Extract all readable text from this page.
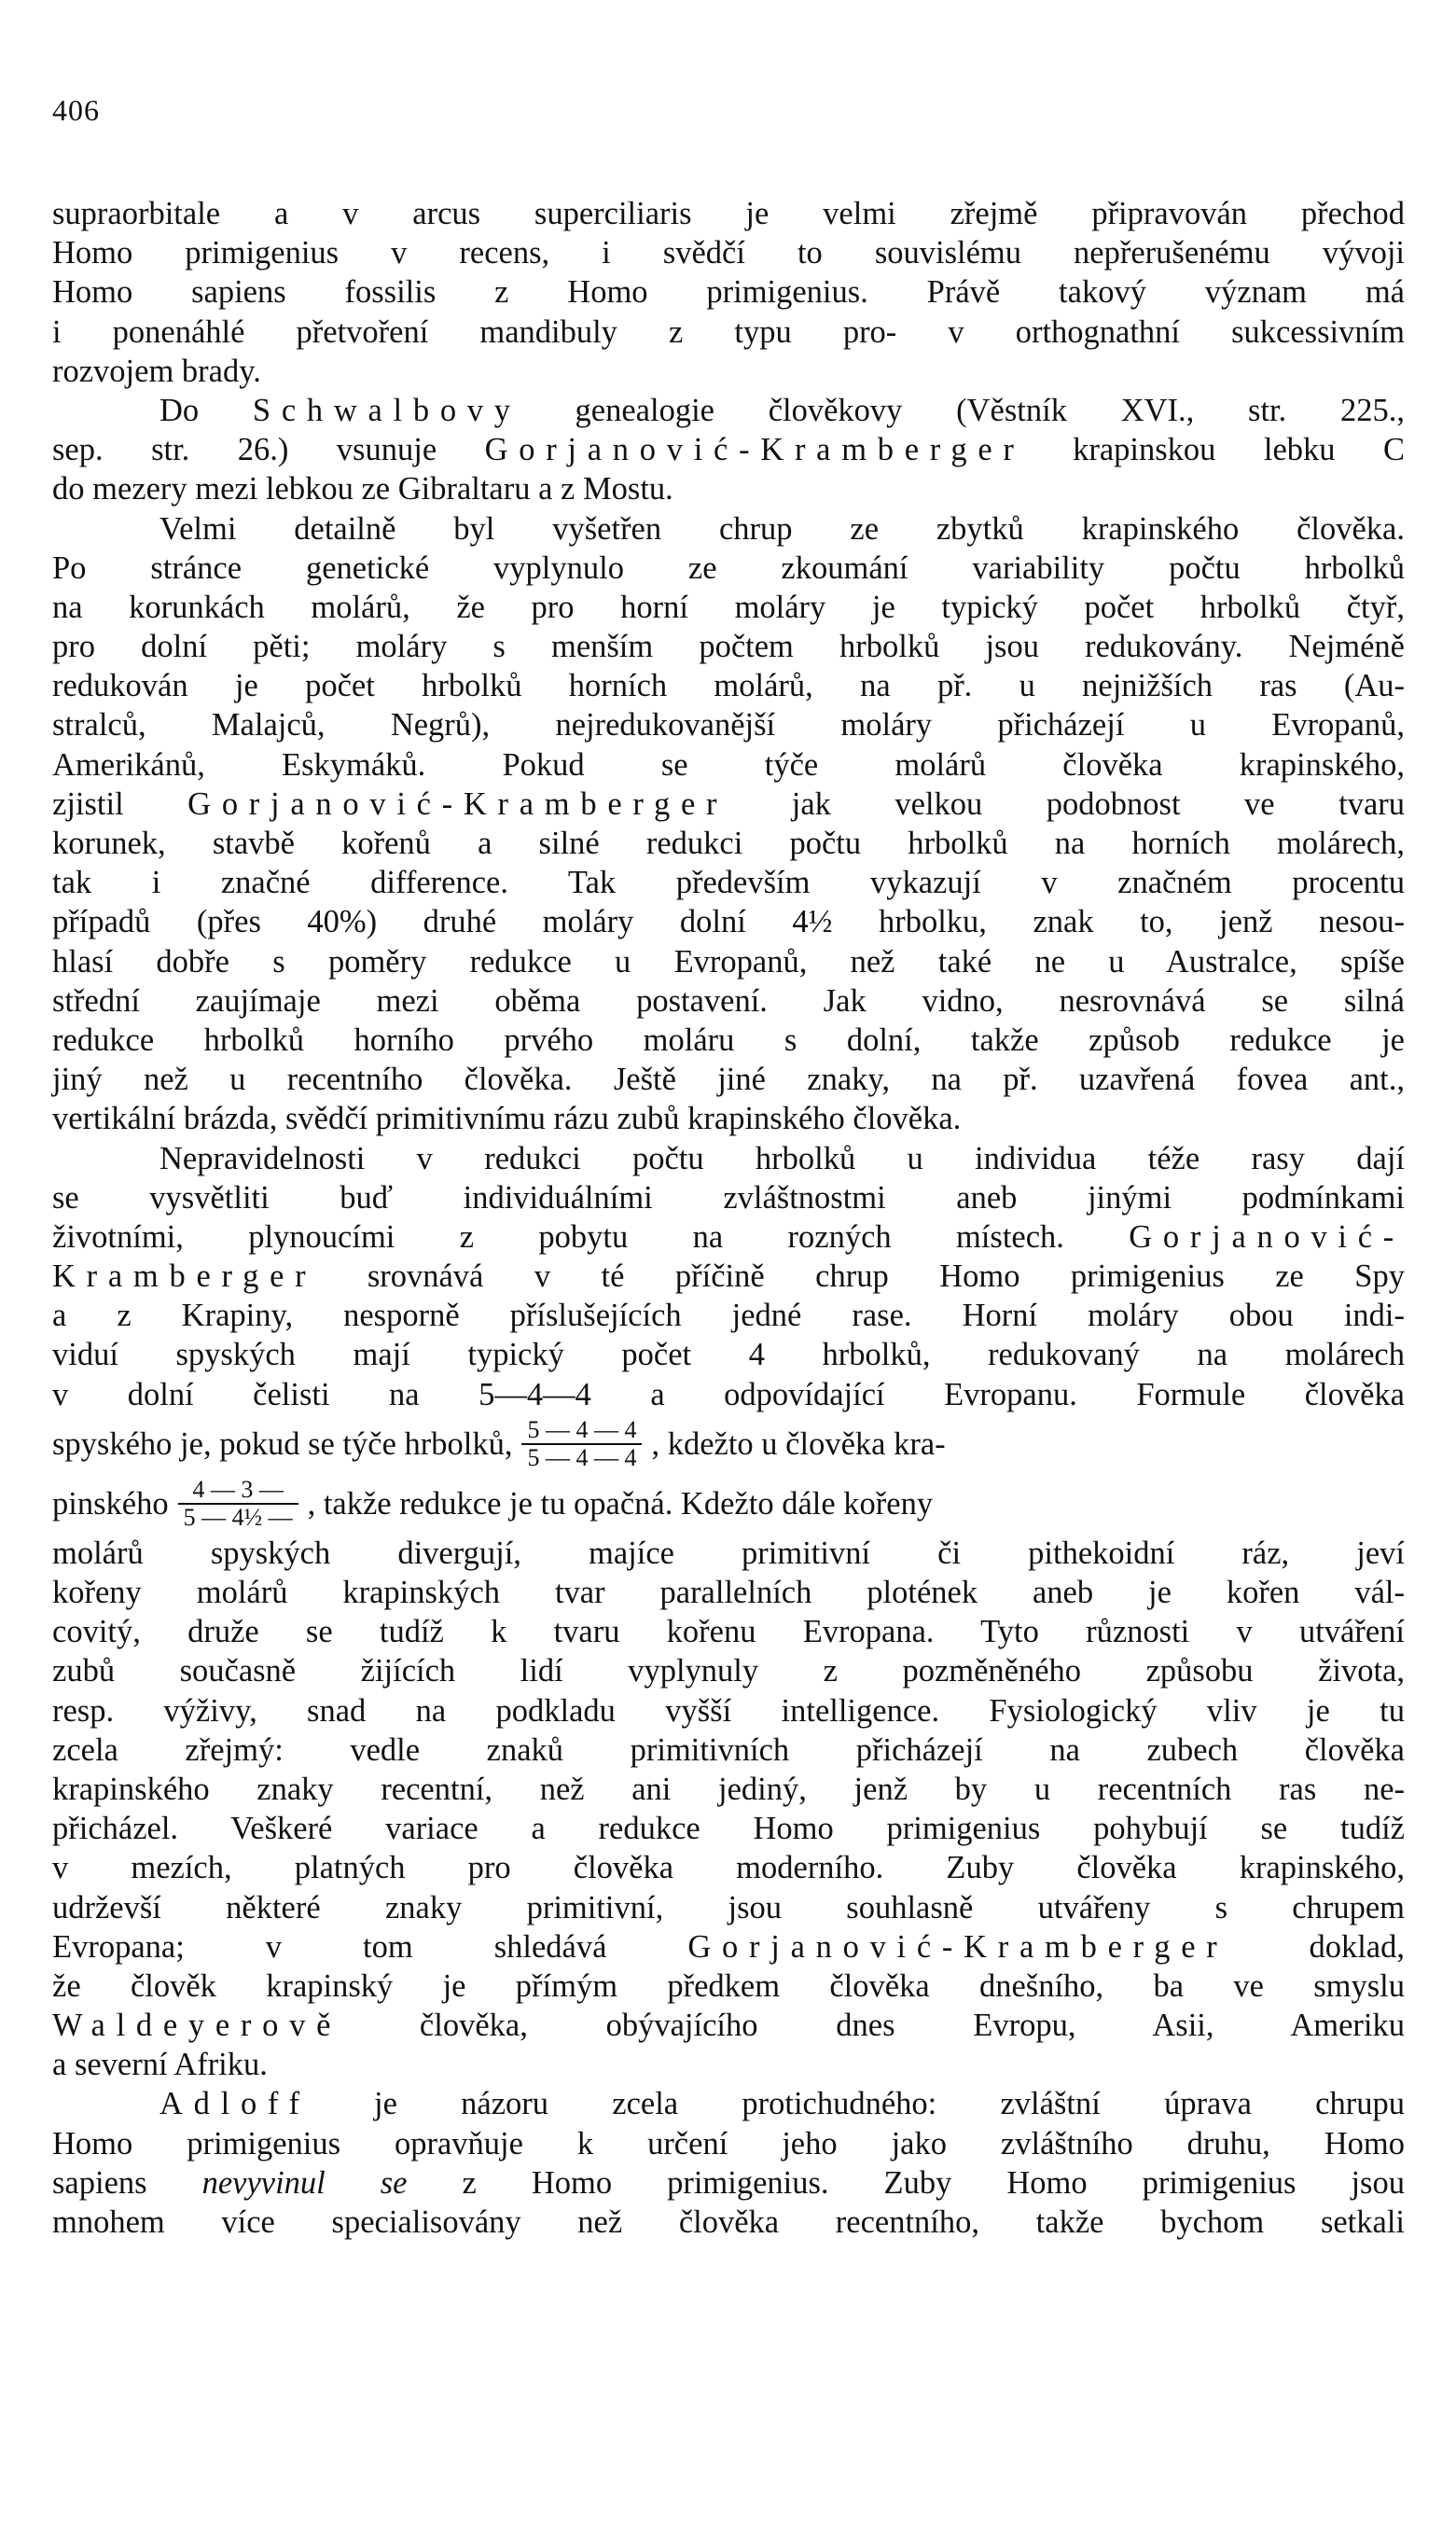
406
supraorbitale a v arcus superciliaris je velmi zřejmě připravován přechod
Homo primigenius v recens, i svědčí to souvislému nepřerušenému vývoji
Homo sapiens fossilis z Homo primigenius. Právě takový význam má
i ponenáhlé přetvoření mandibuly z typu pro- v orthognathní sukcessivním
rozvojem brady.
Do Schwalbovy genealogie člověkovy (Věstník XVI., str. 225.,
sep. str. 26.) vsunuje Gorjanović-Kramberger krapinskou lebku C
do mezery mezi lebkou ze Gibraltaru a z Mostu.
Velmi detailně byl vyšetřen chrup ze zbytků krapinského člověka.
Po stránce genetické vyplynulo ze zkoumání variability počtu hrbolků
na korunkách molárů, že pro horní moláry je typický počet hrbolků čtyř,
pro dolní pěti; moláry s menším počtem hrbolků jsou redukovány. Nejméně
redukován je počet hrbolků horních molárů, na př. u nejnižších ras (Au-
stralců, Malajců, Negrů), nejredukovanější moláry přicházejí u Evropanů,
Amerikánů, Eskymáků. Pokud se týče molárů člověka krapinského,
zjistil Gorjanović-Kramberger jak velkou podobnost ve tvaru
korunek, stavbě kořenů a silné redukci počtu hrbolků na horních molárech,
tak i značné difference. Tak především vykazují v značném procentu
případů (přes 40%) druhé moláry dolní 4½ hrbolku, znak to, jenž nesou-
hlasí dobře s poměry redukce u Evropanů, než také ne u Australce, spíše
střední zaujímaje mezi oběma postavení. Jak vidno, nesrovnává se silná
redukce hrbolků horního prvého moláru s dolní, takže způsob redukce je
jiný než u recentního člověka. Ještě jiné znaky, na př. uzavřená fovea ant.,
vertikální brázda, svědčí primitivnímu rázu zubů krapinského člověka.
Nepravidelnosti v redukci počtu hrbolků u individua téže rasy dají
se vysvětliti buď individuálními zvláštnostmi aneb jinými podmínkami
životními, plynoucími z pobytu na rozných místech. Gorjanović-
Kramberger srovnává v té příčině chrup Homo primigenius ze Spy
a z Krapiny, nesporně příslušejících jedné rase. Horní moláry obou indi-
viduí spyských mají typický počet 4 hrbolků, redukovaný na molárech
v dolní čelisti na 5—4—4 a odpovídající Evropanu. Formule člověka
spyského je, pokud se týče hrbolků, $\frac{5 — 4 — 4}{5 — 4 — 4}$ , kdežto u člověka kra-
pinského $\frac{4 — 3 —}{\text{5 — 4½ —}}$ , takže redukce je tu opačná. Kdežto dále kořeny
molárů spyských divergují, majíce primitivní či pithekoidní ráz, jeví
kořeny molárů krapinských tvar parallelních plotének aneb je kořen vál-
covitý, druže se tudíž k tvaru kořenu Evropana. Tyto různosti v utváření
zubů současně žijících lidí vyplynuly z pozměněného způsobu života,
resp. výživy, snad na podkladu vyšší intelligence. Fysiologický vliv je tu
zcela zřejmý: vedle znaků primitivních přicházejí na zubech člověka
krapinského znaky recentní, než ani jediný, jenž by u recentních ras ne-
přicházel. Veškeré variace a redukce Homo primigenius pohybují se tudíž
v mezích, platných pro člověka moderního. Zuby člověka krapinského,
udrževší některé znaky primitivní, jsou souhlasně utvářeny s chrupem
Evropana; v tom shledává Gorjanović-Kramberger doklad,
že člověk krapinský je přímým předkem člověka dnešního, ba ve smyslu
Waldeyerově člověka, obývajícího dnes Evropu, Asii, Ameriku
a severní Afriku.
Adloff je názoru zcela protichudného: zvláštní úprava chrupu
Homo primigenius opravňuje k určení jeho jako zvláštního druhu, Homo
sapiens nevyvinul se z Homo primigenius. Zuby Homo primigenius jsou
mnohem více specialisovány než člověka recentního, takže bychom setkali
